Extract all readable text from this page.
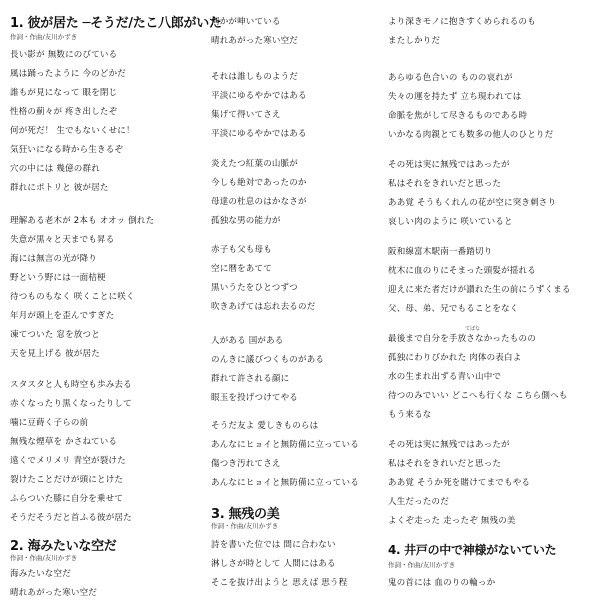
1. 彼が居た ─そうだ/たこ八郎がいた
作詞・作曲/友川かずき
長い影が 無数にのびている
風は踊ったように 今のどかだ
誰もが見になって 眼を閉じ
性格の薊々が 疼き出したぞ
何が死だ！ 生でもないくせに！
気狂いになる時から生きるぞ
穴の中には 幾億の群れ
群れにポトリと 彼が居た
理解ある老木が 2本も オオッ 倒れた
失意が黒々と天までも昇る
海には無言の光が降り
野という野には一面桔梗
待つものもなく 咲くことに咲く
年月が頭上を歪んですぎた
凍てついた 窓を放つと
天を見上げる 彼が居た
スタスタと人も時空も歩み去る
赤くなったり黒くなったりして
噛に豆蒔く子らの前
無残な煙草を かさねている
遠くでメリメリ 青空が裂けた
裂けたことだけが頭にとけた
ふらついた膝に自分を乗せて
そうだそうだと首ふる彼が居た
2. 海みたいな空だ
作詞・作曲/友川かずき
海みたいな空だ
晴れあがった寒い空だ
何かが呻いている
晴れあがった寒い空だ
それは誰しものようだ
平淡にゆるやかではある
集げて得いてさえ
平淡にゆるやかではある
炎えたつ紅葉の山脈が
今しも絶対であったのか
母達の杜息のはかなさが
孤独な男の能力が
赤子も父も母も
空に暦をあてて
黒いうたをひとつずつ
吹きあげては忘れ去るのだ
人がある 国がある
のんきに議びつくものがある
群れて許される顔に
眼玉を投げつけてやる
そうだ友よ 愛しきものらは
あんなにヒョイと無防備に立っている
傷つき汚れてさえ
あんなにヒョイと無防備に立っている
3. 無残の美
作詞・作曲/友川かずき
詩を書いた位では 間に合わない
淋しさが時として 人間にはある
そこを抜け出ようと 思えば 思う程
より深きモノに抱きすくめられるのも
またしかりだ
あらゆる色合いの ものの哀れが
失々の運を持たず 立ち現われては
命脈を焦がして尽きるものである時
いかなる肉親とても数多の他人のひとりだ
その死は実に無残ではあったが
私はそれをきれいだと思った
ああ覚 そうもくれんの花が空に突き刺さり
哀しい肉のように 咲いていると
阪和線富木駅南一番踏切り
枕木に血のりにそまった頭髪が揺れる
迎えに来た者だけが讃れた生の前にうずくまる
父、母、弟、兄でもることをなく
てばな
最後まで自分を手放さなかったものの
孤独にわりびかれた 肉体の表白よ
水の生まれ出ずる青い山中で
待つのみでいい どこへも行くな こちら側へも
もう来るな
その死は実に無残ではあったが
私はそれをきれいだと思った
ああ覚 そうか死を賭けてまでもやる
人生だったのだ
よくぞ走った 走ったぞ 無残の美
4. 井戸の中で神様がないていた
作詞・作曲/友川かずき
鬼の首には 血のりの輪っか
